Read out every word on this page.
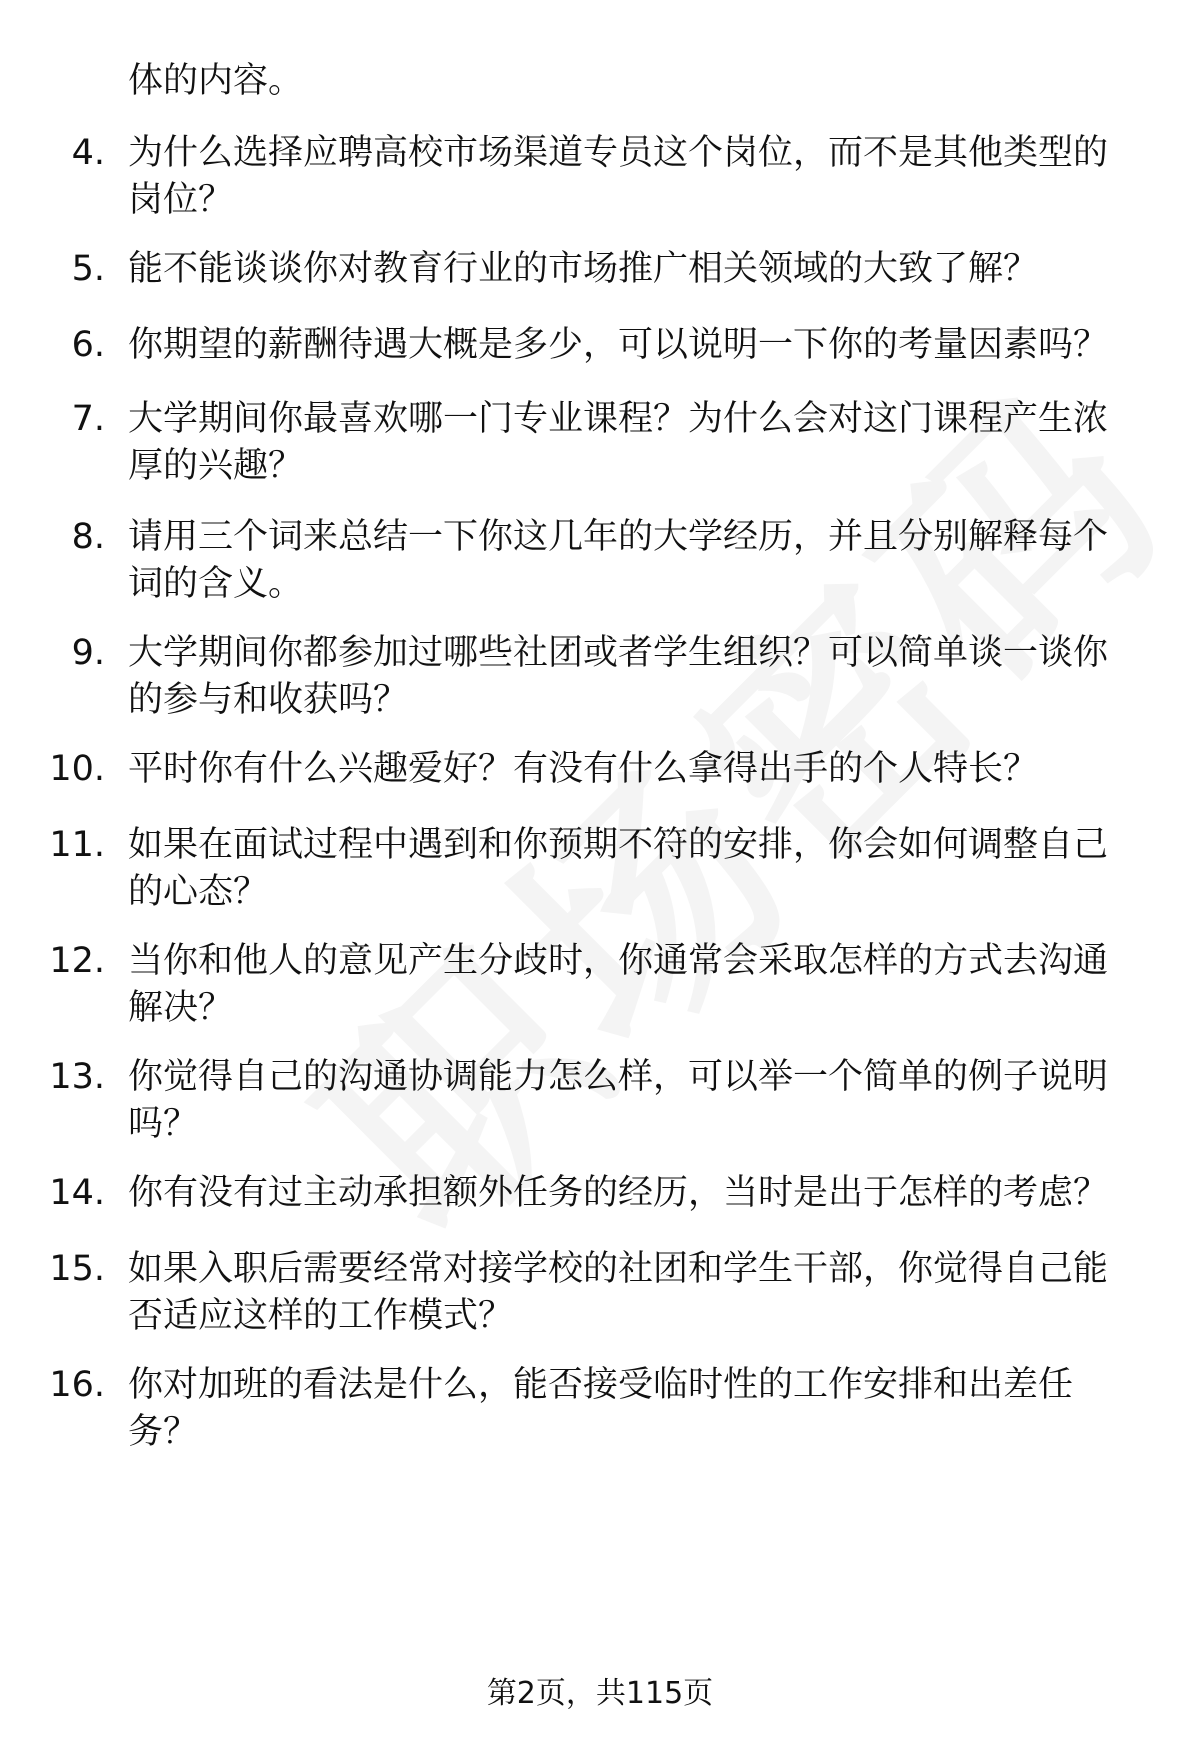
体的内容。
4. 为什么选择应聘高校市场渠道专员这个岗位，而不是其他类型的岗位？
5. 能不能谈谈你对教育行业的市场推广相关领域的大致了解？
6. 你期望的薪酬待遇大概是多少，可以说明一下你的考量因素吗？
7. 大学期间你最喜欢哪一门专业课程？为什么会对这门课程产生浓厚的兴趣？
8. 请用三个词来总结一下你这几年的大学经历，并且分别解释每个词的含义。
9. 大学期间你都参加过哪些社团或者学生组织？可以简单谈一谈你的参与和收获吗？
10. 平时你有什么兴趣爱好？有没有什么拿得出手的个人特长？
11. 如果在面试过程中遇到和你预期不符的安排，你会如何调整自己的心态？
12. 当你和他人的意见产生分歧时，你通常会采取怎样的方式去沟通解决？
13. 你觉得自己的沟通协调能力怎么样，可以举一个简单的例子说明吗？
14. 你有没有过主动承担额外任务的经历，当时是出于怎样的考虑？
15. 如果入职后需要经常对接学校的社团和学生干部，你觉得自己能否适应这样的工作模式？
16. 你对加班的看法是什么，能否接受临时性的工作安排和出差任务？
第2页，共115页
